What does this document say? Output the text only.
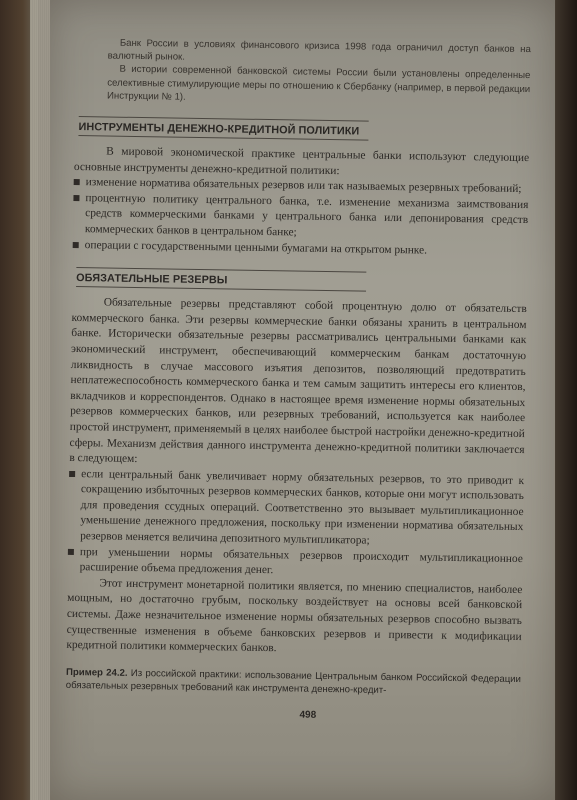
Банк России в условиях финансового кризиса 1998 года ограничил доступ банков на валютный рынок.

В истории современной банковской системы России были установлены определенные селективные стимулирующие меры по отношению к Сбербанку (например, в первой редакции Инструкции № 1).

ИНСТРУМЕНТЫ ДЕНЕЖНО-КРЕДИТНОЙ ПОЛИТИКИ

В мировой экономической практике центральные банки используют следующие основные инструменты денежно-кредитной политики:

изменение норматива обязательных резервов или так называемых резервных требований;

процентную политику центрального банка, т.е. изменение механизма заимствования средств коммерческими банками у центрального банка или депонирования средств коммерческих банков в центральном банке;

операции с государственными ценными бумагами на открытом рынке.

ОБЯЗАТЕЛЬНЫЕ РЕЗЕРВЫ

Обязательные резервы представляют собой процентную долю от обязательств коммерческого банка. Эти резервы коммерческие банки обязаны хранить в центральном банке. Исторически обязательные резервы рассматривались центральными банками как экономический инструмент, обеспечивающий коммерческим банкам достаточную ликвидность в случае массового изъятия депозитов, позволяющий предотвратить неплатежеспособность коммерческого банка и тем самым защитить интересы его клиентов, вкладчиков и корреспондентов. Однако в настоящее время изменение нормы обязательных резервов коммерческих банков, или резервных требований, используется как наиболее простой инструмент, применяемый в целях наиболее быстрой настройки денежно-кредитной сферы. Механизм действия данного инструмента денежно-кредитной политики заключается в следующем:

если центральный банк увеличивает норму обязательных резервов, то это приводит к сокращению избыточных резервов коммерческих банков, которые они могут использовать для проведения ссудных операций. Соответственно это вызывает мультипликационное уменьшение денежного предложения, поскольку при изменении норматива обязательных резервов меняется величина депозитного мультипликатора;

при уменьшении нормы обязательных резервов происходит мультипликационное расширение объема предложения денег.

Этот инструмент монетарной политики является, по мнению специалистов, наиболее мощным, но достаточно грубым, поскольку воздействует на основы всей банковской системы. Даже незначительное изменение нормы обязательных резервов способно вызвать существенные изменения в объеме банковских резервов и привести к модификации кредитной политики коммерческих банков.

Пример 24.2. Из российской практики: использование Центральным банком Российской Федерации обязательных резервных требований как инструмента денежно-кредит-

498
